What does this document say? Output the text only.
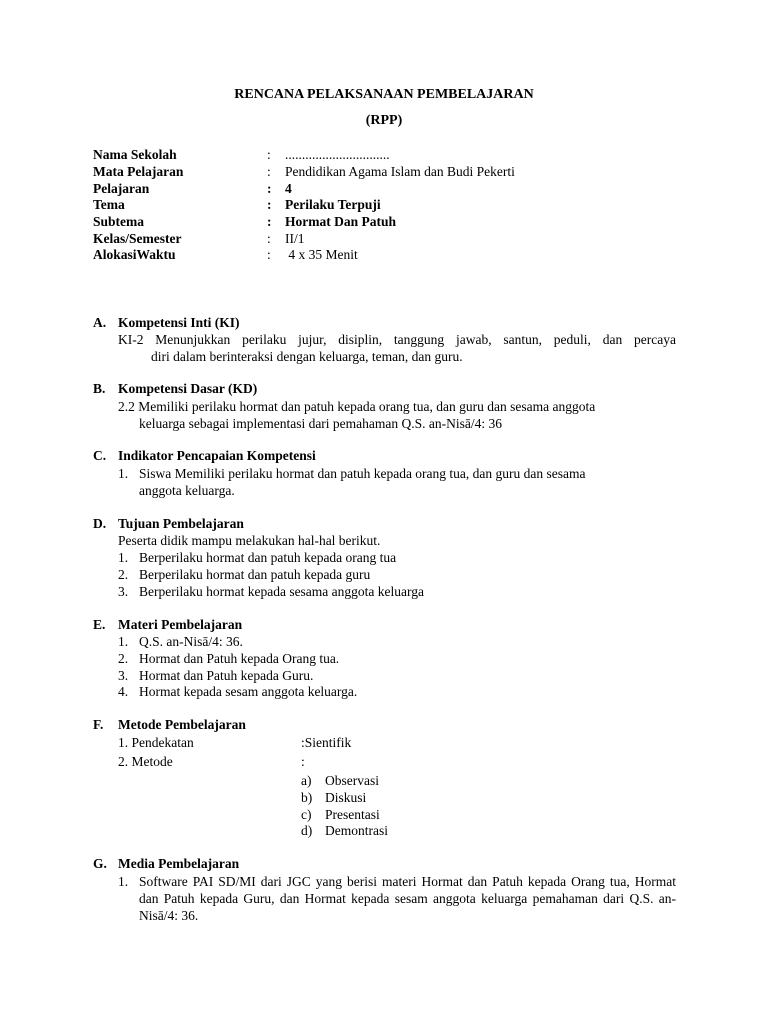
RENCANA PELAKSANAAN PEMBELAJARAN
(RPP)
Nama Sekolah	: ...............................
Mata Pelajaran	: Pendidikan Agama Islam dan Budi Pekerti
Pelajaran	: 4
Tema	: Perilaku Terpuji
Subtema	: Hormat Dan Patuh
Kelas/Semester	: II/1
AlokasiWaktu	: 4 x 35 Menit
A. Kompetensi Inti (KI)
KI-2 Menunjukkan perilaku jujur, disiplin, tanggung jawab, santun, peduli, dan percaya
diri dalam berinteraksi dengan keluarga, teman, dan guru.
B. Kompetensi Dasar (KD)
2.2 Memiliki perilaku hormat dan patuh kepada orang tua, dan guru dan sesama anggota
keluarga sebagai implementasi dari pemahaman Q.S. an-Nisā/4: 36
C. Indikator Pencapaian Kompetensi
1. Siswa Memiliki perilaku hormat dan patuh kepada orang tua, dan guru dan sesama
anggota keluarga.
D. Tujuan Pembelajaran
Peserta didik mampu melakukan hal-hal berikut.
1. Berperilaku hormat dan patuh kepada orang tua
2. Berperilaku hormat dan patuh kepada guru
3. Berperilaku hormat kepada sesama anggota keluarga
E. Materi Pembelajaran
1. Q.S. an-Nisā/4: 36.
2. Hormat dan Patuh kepada Orang tua.
3. Hormat dan Patuh kepada Guru.
4. Hormat kepada sesam anggota keluarga.
F. Metode Pembelajaran
1. Pendekatan	:Sientifik
2. Metode	:
a) Observasi
b) Diskusi
c) Presentasi
d) Demontrasi
G. Media Pembelajaran
1. Software PAI SD/MI dari JGC yang berisi materi Hormat dan Patuh kepada Orang tua, Hormat dan Patuh kepada Guru, dan Hormat kepada sesam anggota keluarga pemahaman dari Q.S. an-Nisā/4: 36.
